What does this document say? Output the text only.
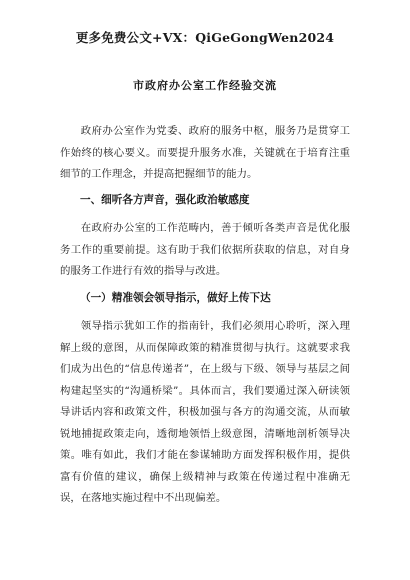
更多免费公文+VX：QiGeGongWen2024
市政府办公室工作经验交流

政府办公室作为党委、政府的服务中枢，服务乃是贯穿工作始终的核心要义。而要提升服务水准，关键就在于培育注重细节的工作理念，并提高把握细节的能力。

一、细听各方声音，强化政治敏感度

在政府办公室的工作范畴内，善于倾听各类声音是优化服务工作的重要前提。这有助于我们依据所获取的信息，对自身的服务工作进行有效的指导与改进。

（一）精准领会领导指示，做好上传下达

领导指示犹如工作的指南针，我们必须用心聆听，深入理解上级的意图，从而保障政策的精准贯彻与执行。这就要求我们成为出色的“信息传递者”，在上级与下级、领导与基层之间构建起坚实的“沟通桥梁”。具体而言，我们要通过深入研读领导讲话内容和政策文件，积极加强与各方的沟通交流，从而敏锐地捕捉政策走向，透彻地领悟上级意图，清晰地剖析领导决策。唯有如此，我们才能在参谋辅助方面发挥积极作用，提供富有价值的建议，确保上级精神与政策在传递过程中准确无误，在落地实施过程中不出现偏差。
